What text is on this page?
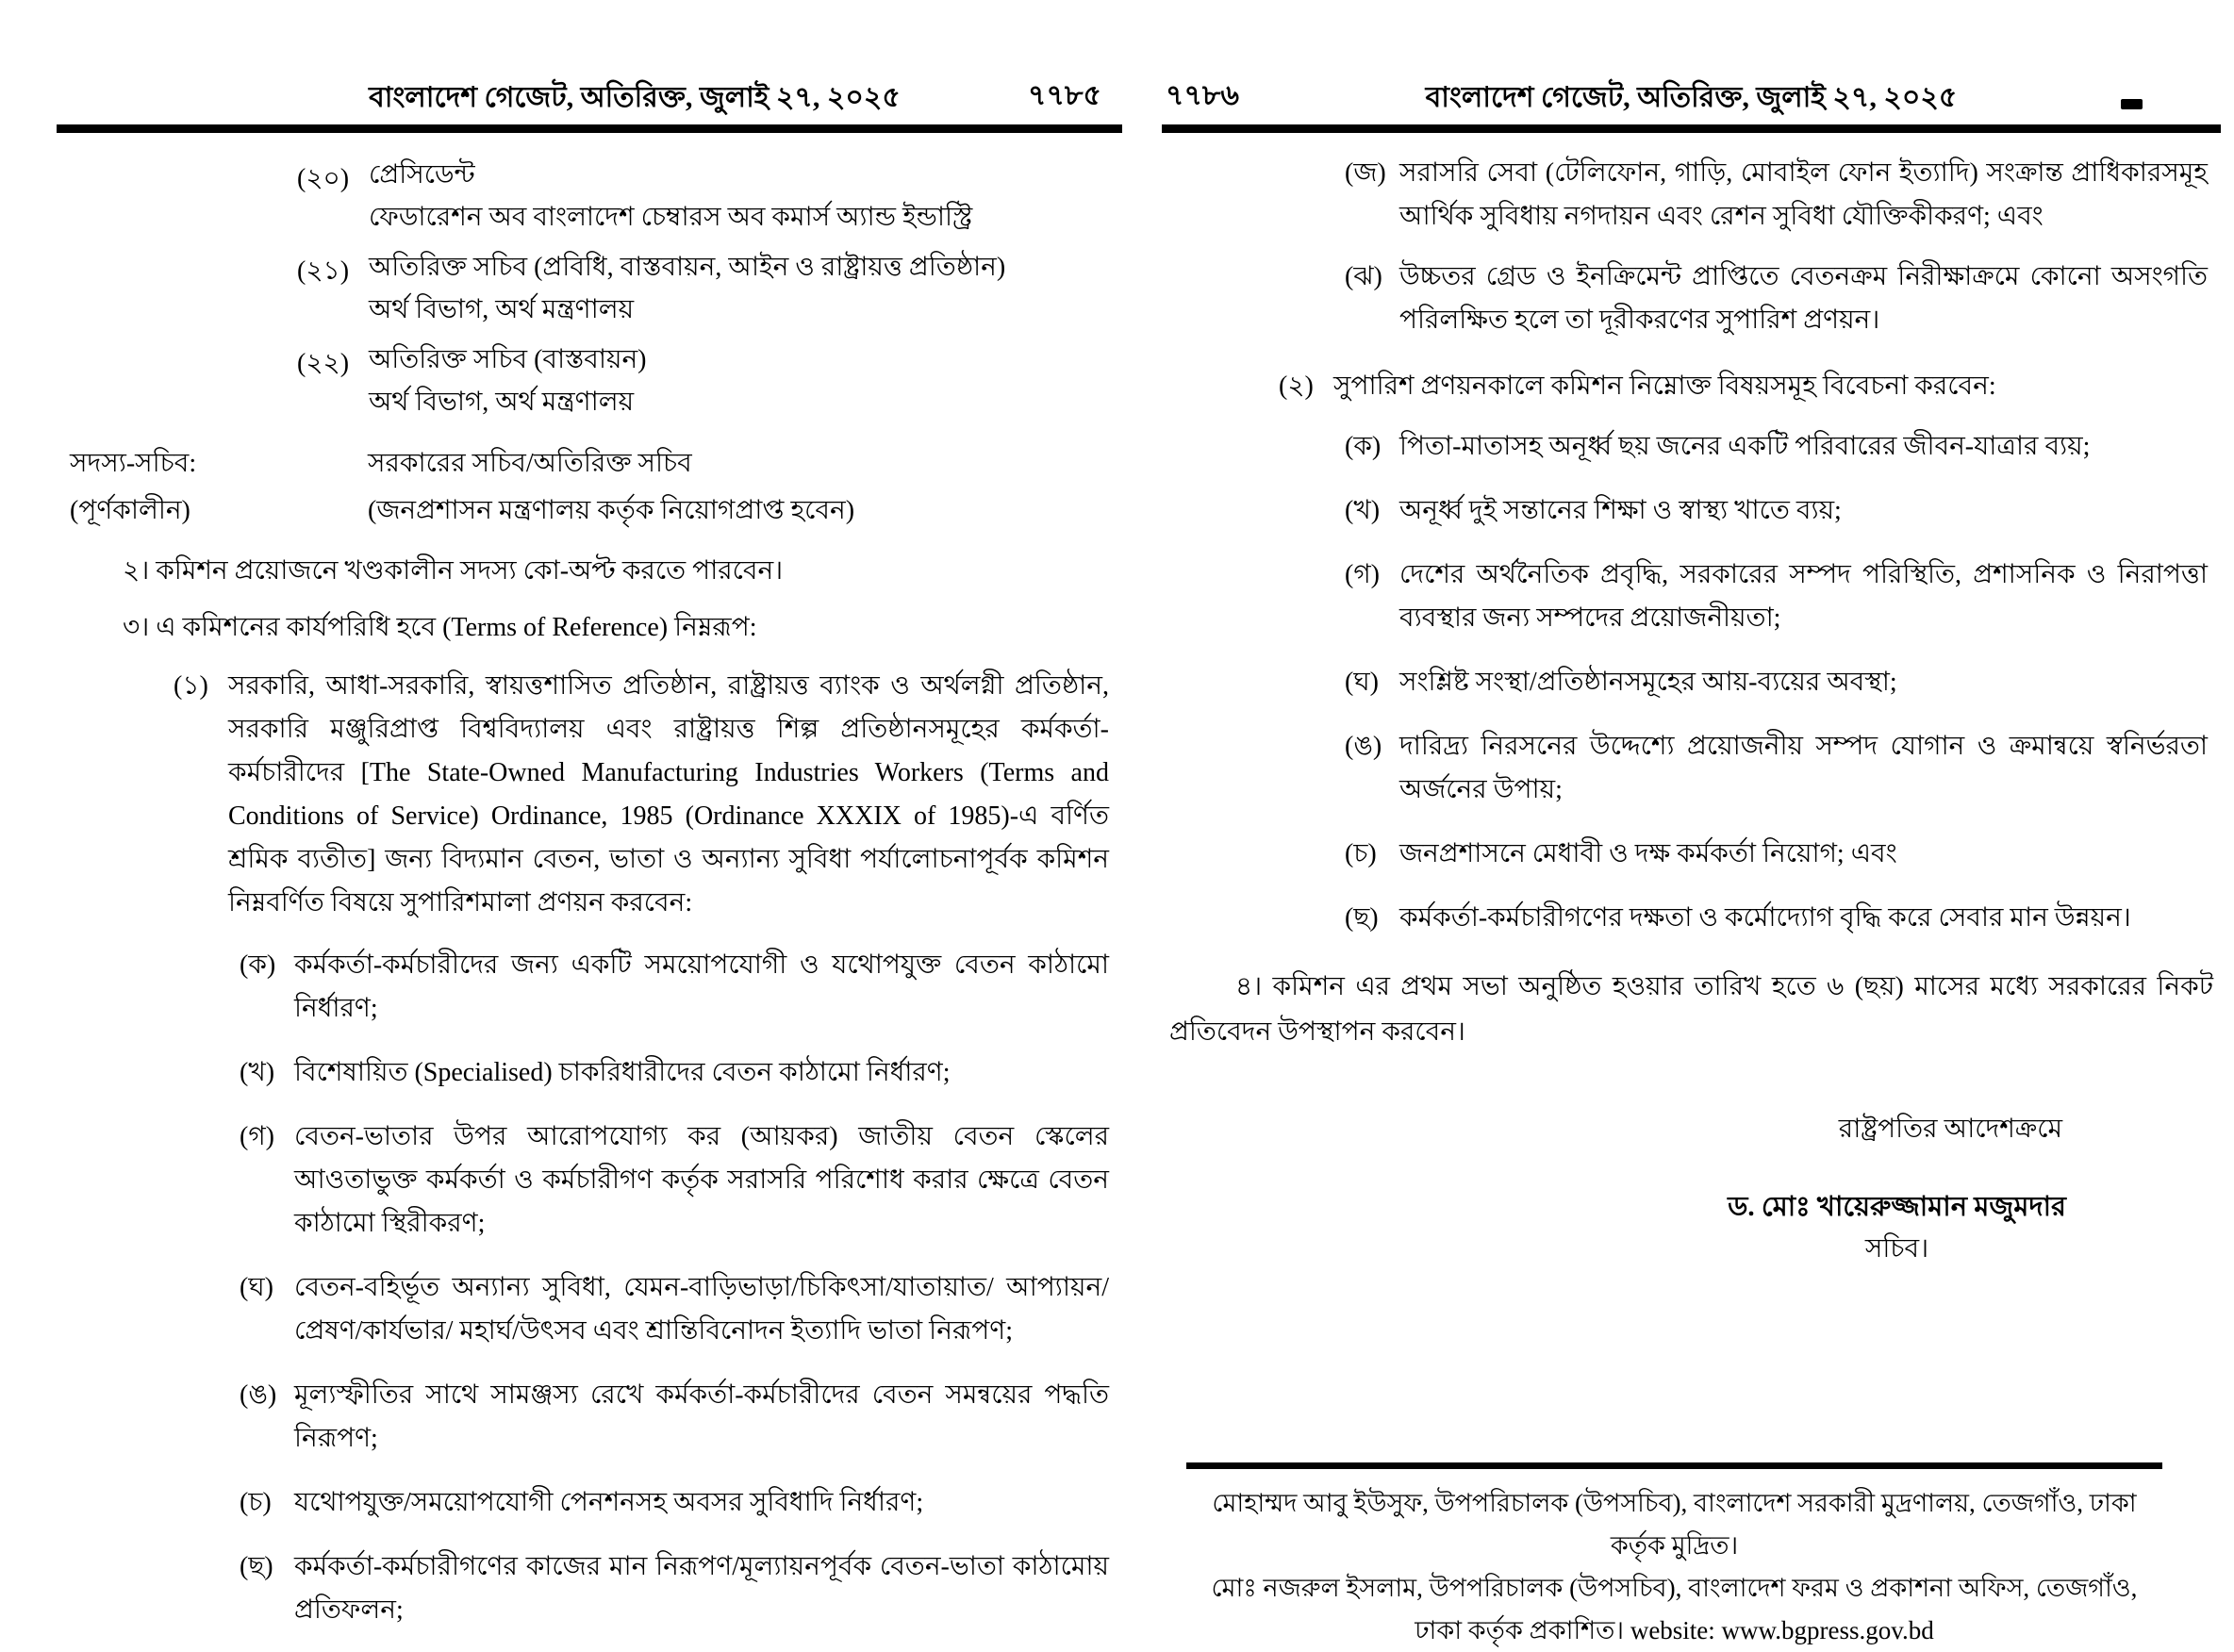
বাংলাদেশ গেজেট, অতিরিক্ত, জুলাই ২৭, ২০২৫	৭৭৮৫
(২০) প্রেসিডেন্ট
ফেডারেশন অব বাংলাদেশ চেম্বারস অব কমার্স অ্যান্ড ইন্ডাস্ট্রি
(২১) অতিরিক্ত সচিব (প্রবিধি, বাস্তবায়ন, আইন ও রাষ্ট্রায়ত্ত প্রতিষ্ঠান)
অর্থ বিভাগ, অর্থ মন্ত্রণালয়
(২২) অতিরিক্ত সচিব (বাস্তবায়ন)
অর্থ বিভাগ, অর্থ মন্ত্রণালয়
সদস্য-সচিব:	সরকারের সচিব/অতিরিক্ত সচিব
(পূর্ণকালীন)	(জনপ্রশাসন মন্ত্রণালয় কর্তৃক নিয়োগপ্রাপ্ত হবেন)

২। কমিশন প্রয়োজনে খণ্ডকালীন সদস্য কো-অপ্ট করতে পারবেন।

৩। এ কমিশনের কার্যপরিধি হবে (Terms of Reference) নিম্নরূপ:

(১) সরকারি, আধা-সরকারি, স্বায়ত্তশাসিত প্রতিষ্ঠান, রাষ্ট্রায়ত্ত ব্যাংক ও অর্থলগ্নী প্রতিষ্ঠান, সরকারি মঞ্জুরিপ্রাপ্ত বিশ্ববিদ্যালয় এবং রাষ্ট্রায়ত্ত শিল্প প্রতিষ্ঠানসমূহের কর্মকর্তা-কর্মচারীদের [The State-Owned Manufacturing Industries Workers (Terms and Conditions of Service) Ordinance, 1985 (Ordinance XXXIX of 1985)-এ বর্ণিত শ্রমিক ব্যতীত] জন্য বিদ্যমান বেতন, ভাতা ও অন্যান্য সুবিধা পর্যালোচনাপূর্বক কমিশন নিম্নবর্ণিত বিষয়ে সুপারিশমালা প্রণয়ন করবেন:
(ক) কর্মকর্তা-কর্মচারীদের জন্য একটি সময়োপযোগী ও যথোপযুক্ত বেতন কাঠামো নির্ধারণ;
(খ) বিশেষায়িত (Specialised) চাকরিধারীদের বেতন কাঠামো নির্ধারণ;
(গ) বেতন-ভাতার উপর আরোপযোগ্য কর (আয়কর) জাতীয় বেতন স্কেলের আওতাভুক্ত কর্মকর্তা ও কর্মচারীগণ কর্তৃক সরাসরি পরিশোধ করার ক্ষেত্রে বেতন কাঠামো স্থিরীকরণ;
(ঘ) বেতন-বহির্ভূত অন্যান্য সুবিধা, যেমন-বাড়িভাড়া/চিকিৎসা/যাতায়াত/ আপ্যায়ন/ প্রেষণ/কার্যভার/ মহার্ঘ/উৎসব এবং শ্রান্তিবিনোদন ইত্যাদি ভাতা নিরূপণ;
(ঙ) মূল্যস্ফীতির সাথে সামঞ্জস্য রেখে কর্মকর্তা-কর্মচারীদের বেতন সমন্বয়ের পদ্ধতি নিরূপণ;
(চ) যথোপযুক্ত/সময়োপযোগী পেনশনসহ অবসর সুবিধাদি নির্ধারণ;
(ছ) কর্মকর্তা-কর্মচারীগণের কাজের মান নিরূপণ/মূল্যায়নপূর্বক বেতন-ভাতা কাঠামোয় প্রতিফলন;
৭৭৮৬	বাংলাদেশ গেজেট, অতিরিক্ত, জুলাই ২৭, ২০২৫
(জ) সরাসরি সেবা (টেলিফোন, গাড়ি, মোবাইল ফোন ইত্যাদি) সংক্রান্ত প্রাধিকারসমূহ আর্থিক সুবিধায় নগদায়ন এবং রেশন সুবিধা যৌক্তিকীকরণ; এবং
(ঝ) উচ্চতর গ্রেড ও ইনক্রিমেন্ট প্রাপ্তিতে বেতনক্রম নিরীক্ষাক্রমে কোনো অসংগতি পরিলক্ষিত হলে তা দূরীকরণের সুপারিশ প্রণয়ন।
(২) সুপারিশ প্রণয়নকালে কমিশন নিম্নোক্ত বিষয়সমূহ বিবেচনা করবেন:
(ক) পিতা-মাতাসহ অনূর্ধ্ব ছয় জনের একটি পরিবারের জীবন-যাত্রার ব্যয়;
(খ) অনূর্ধ্ব দুই সন্তানের শিক্ষা ও স্বাস্থ্য খাতে ব্যয়;
(গ) দেশের অর্থনৈতিক প্রবৃদ্ধি, সরকারের সম্পদ পরিস্থিতি, প্রশাসনিক ও নিরাপত্তা ব্যবস্থার জন্য সম্পদের প্রয়োজনীয়তা;
(ঘ) সংশ্লিষ্ট সংস্থা/প্রতিষ্ঠানসমূহের আয়-ব্যয়ের অবস্থা;
(ঙ) দারিদ্র্য নিরসনের উদ্দেশ্যে প্রয়োজনীয় সম্পদ যোগান ও ক্রমান্বয়ে স্বনির্ভরতা অর্জনের উপায়;
(চ) জনপ্রশাসনে মেধাবী ও দক্ষ কর্মকর্তা নিয়োগ; এবং
(ছ) কর্মকর্তা-কর্মচারীগণের দক্ষতা ও কর্মোদ্যোগ বৃদ্ধি করে সেবার মান উন্নয়ন।

৪। কমিশন এর প্রথম সভা অনুষ্ঠিত হওয়ার তারিখ হতে ৬ (ছয়) মাসের মধ্যে সরকারের নিকট প্রতিবেদন উপস্থাপন করবেন।

রাষ্ট্রপতির আদেশক্রমে

ড. মোঃ খায়েরুজ্জামান মজুমদার
সচিব।
মোহাম্মদ আবু ইউসুফ, উপপরিচালক (উপসচিব), বাংলাদেশ সরকারী মুদ্রণালয়, তেজগাঁও, ঢাকা কর্তৃক মুদ্রিত।
মোঃ নজরুল ইসলাম, উপপরিচালক (উপসচিব), বাংলাদেশ ফরম ও প্রকাশনা অফিস, তেজগাঁও,
ঢাকা কর্তৃক প্রকাশিত। website: www.bgpress.gov.bd
